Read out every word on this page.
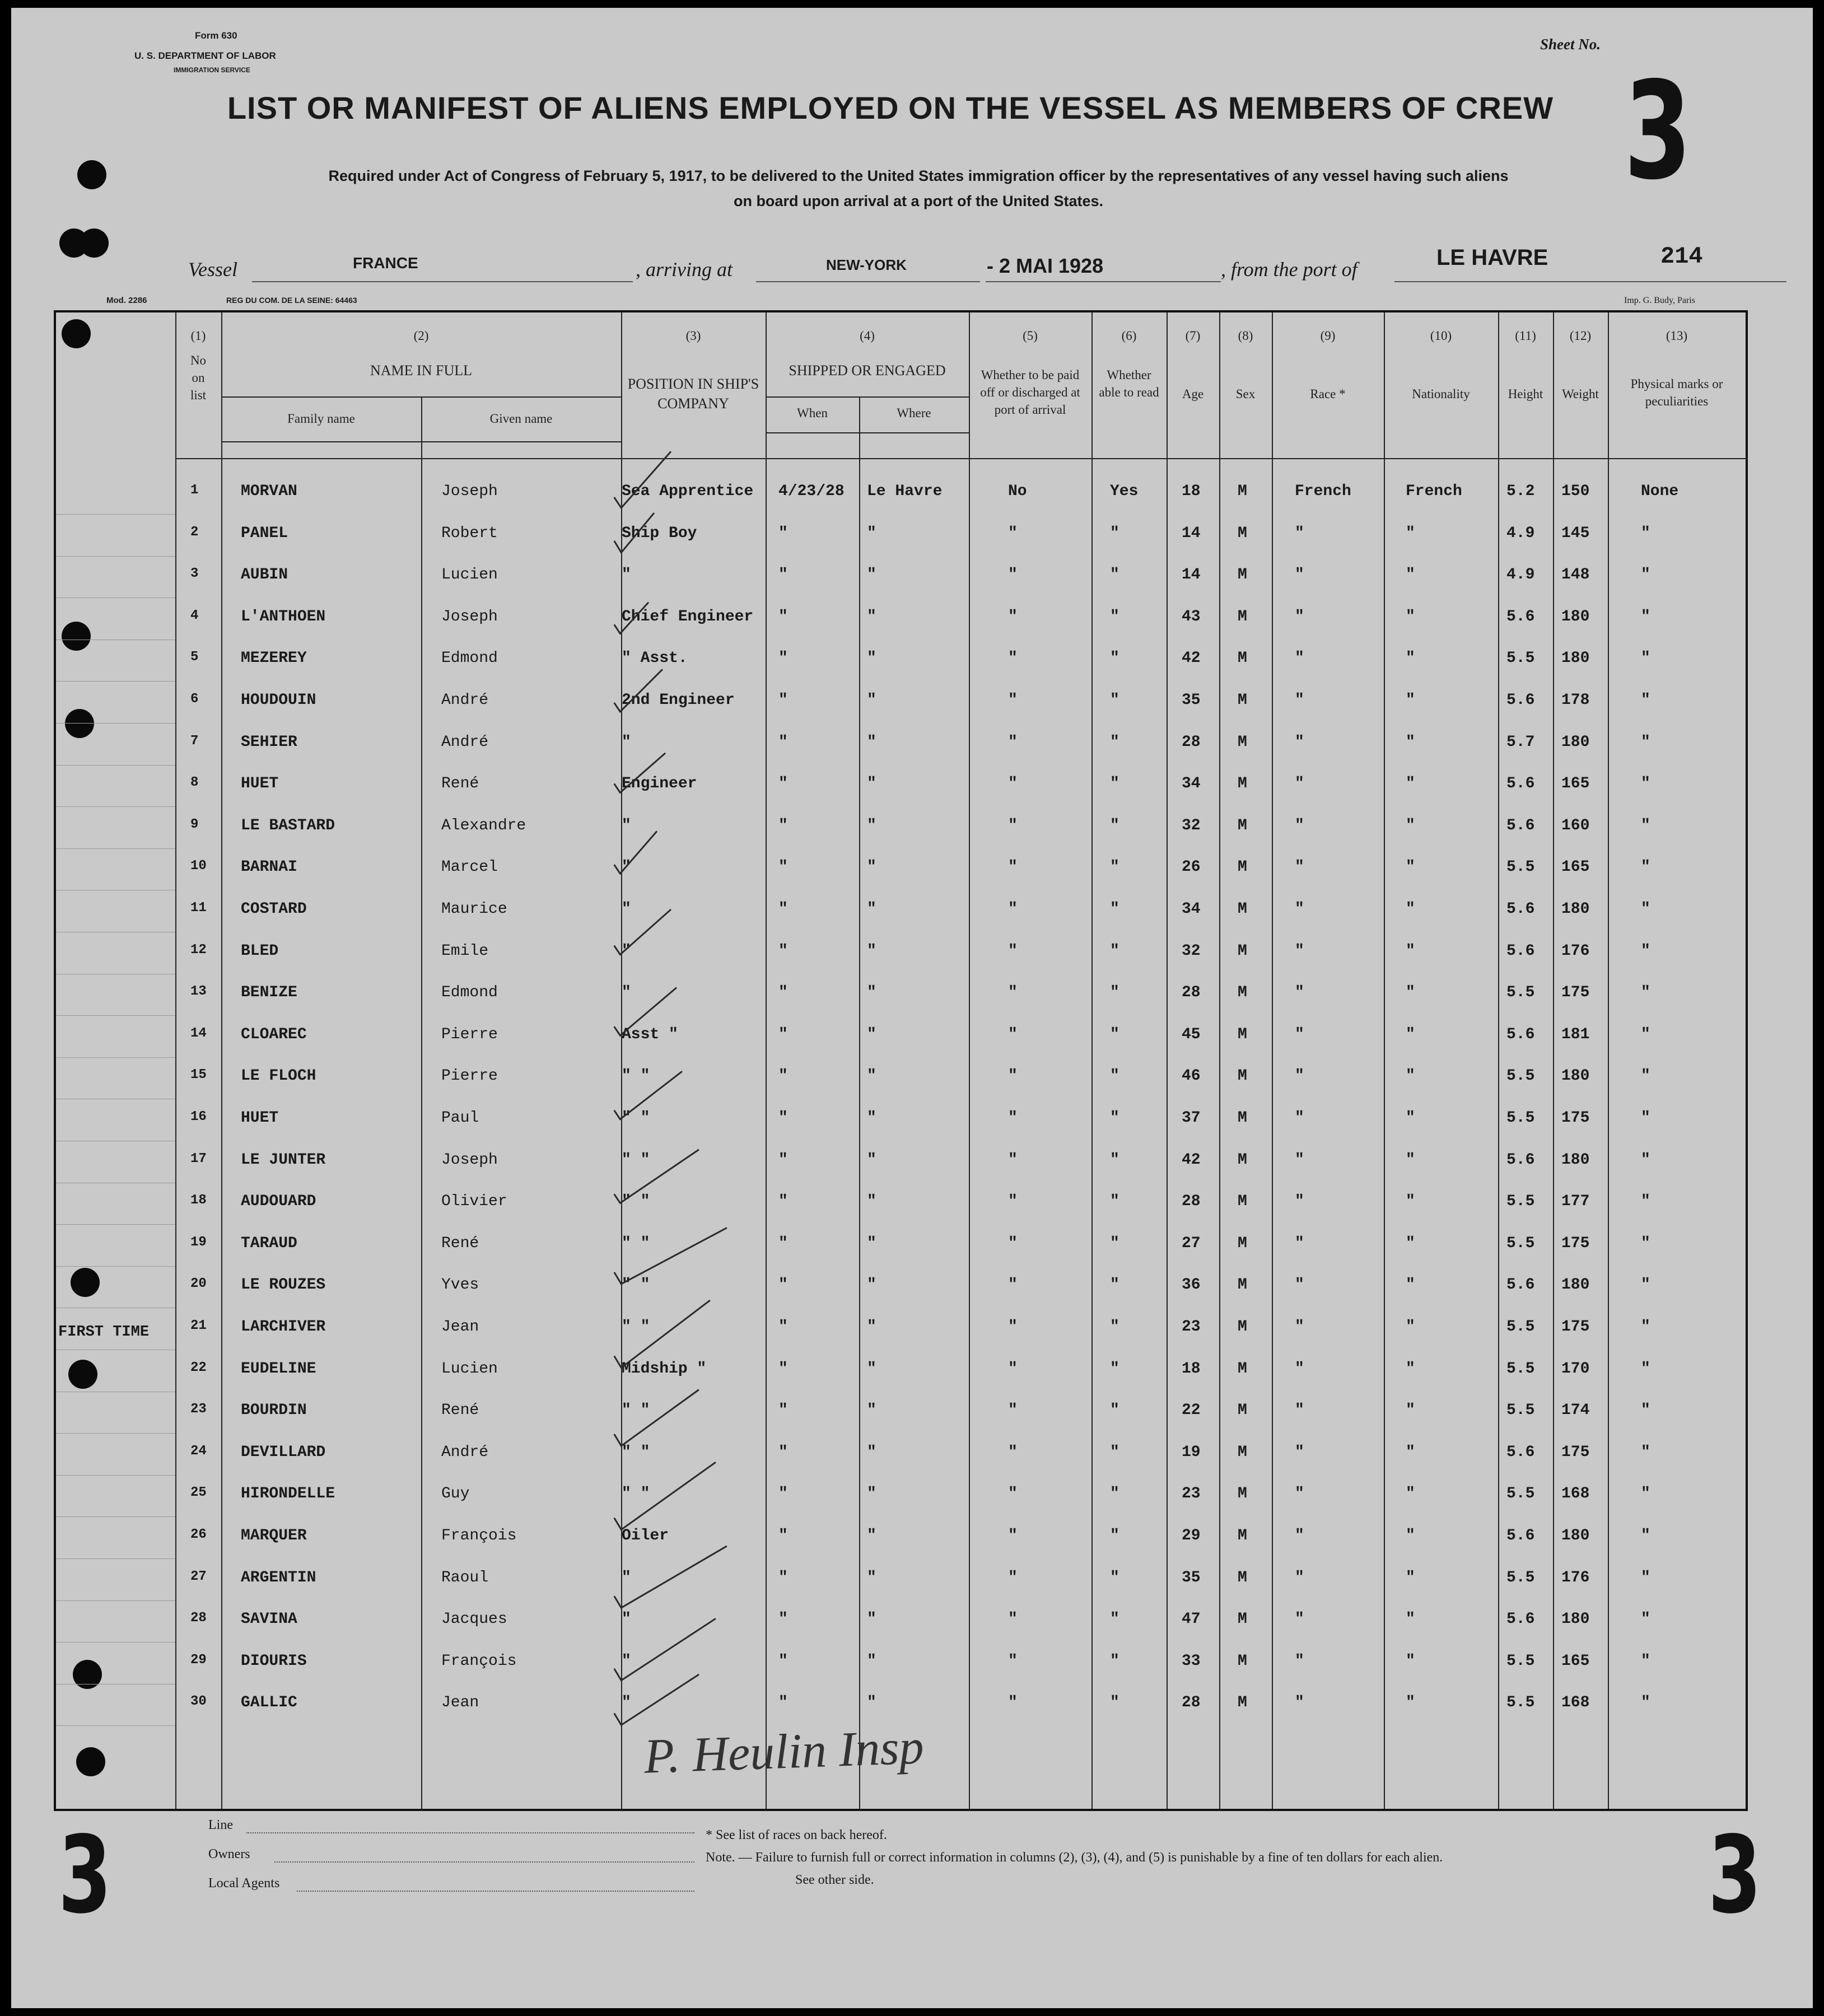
Form 630
U. S. DEPARTMENT OF LABOR
IMMIGRATION SERVICE
Sheet No.
3
LIST OR MANIFEST OF ALIENS EMPLOYED ON THE VESSEL AS MEMBERS OF CREW
Required under Act of Congress of February 5, 1917, to be delivered to the United States immigration officer by the representatives of any vessel having such aliens
on board upon arrival at a port of the United States.
Vessel	FRANCE	, arriving at	NEW-YORK	- 2 MAI 1928	, from the port of	LE HAVRE	214
Mod. 2286	REG DU COM. DE LA SEINE: 64463	Imp. G. Budy, Paris
(1)
No on list
(2)
NAME IN FULL
Family name	Given name
(3)
POSITION IN SHIP'S COMPANY
(4)
SHIPPED OR ENGAGED
When	Where
(5)
Whether to be paid off or discharged at port of arrival
(6)
Whether able to read
(7)
Age
(8)
Sex
(9)
Race *
(10)
Nationality
(11)
Height
(12)
Weight
(13)
Physical marks or peculiarities
1	MORVAN	Joseph	Sea Apprentice 4/23/28 Le Havre	No	Yes	18 M	French	French	5.2 150	None
2	PANEL	Robert	Ship Boy	"	"	"	"	14 M	"	"	4.9 145	"
3	AUBIN	Lucien	"	"	"	"	"	14 M	"	"	4.9 148	"
4	L'ANTHOEN	Joseph	Chief Engineer "	"	"	"	43 M	"	"	5.6 180	"
5	MEZEREY	Edmond	" Asst.	"	"	"	"	42 M	"	"	5.5 180	"
6	HOUDOUIN	André	2nd Engineer	"	"	"	"	35 M	"	"	5.6 178	"
7	SEHIER	André	"	"	"	"	"	28 M	"	"	5.7 180	"
8	HUET	René	Engineer	"	"	"	"	34 M	"	"	5.6 165	"
9	LE BASTARD	Alexandre	"	"	"	"	"	32 M	"	"	5.6 160	"
10 BARNAI	Marcel	"	"	"	"	"	26 M	"	"	5.5 165	"
11 COSTARD	Maurice	"	"	"	"	"	34 M	"	"	5.6 180	"
12 BLED	Emile	"	"	"	"	"	32 M	"	"	5.6 176	"
13 BENIZE	Edmond	"	"	"	"	"	28 M	"	"	5.5 175	"
14 CLOAREC	Pierre	Asst "	"	"	"	"	45 M	"	"	5.6 181	"
15 LE FLOCH	Pierre	" "	"	"	"	"	46 M	"	"	5.5 180	"
16 HUET	Paul	" "	"	"	"	"	37 M	"	"	5.5 175	"
17 LE JUNTER	Joseph	" "	"	"	"	"	42 M	"	"	5.6 180	"
18 AUDOUARD	Olivier	" "	"	"	"	"	28 M	"	"	5.5 177	"
19 TARAUD	René	" "	"	"	"	"	27 M	"	"	5.5 175	"
20 LE ROUZES	Yves	" "	"	"	"	"	36 M	"	"	5.6 180	"
21 LARCHIVER	Jean	" "	"	"	"	"	23 M	"	"	5.5 175	"
22 EUDELINE	Lucien	Midship "	"	"	"	"	18 M	"	"	5.5 170	"
23 BOURDIN	René	" "	"	"	"	"	22 M	"	"	5.5 174	"
24 DEVILLARD	André	" "	"	"	"	"	19 M	"	"	5.6 175	"
25 HIRONDELLE	Guy	" "	"	"	"	"	23 M	"	"	5.5 168	"
26 MARQUER	François	Oiler	"	"	"	"	29 M	"	"	5.6 180	"
27 ARGENTIN	Raoul	"	"	"	"	"	35 M	"	"	5.5 176	"
28 SAVINA	Jacques	"	"	"	"	"	47 M	"	"	5.6 180	"
29 DIOURIS	François	"	"	"	"	"	33 M	"	"	5.5 165	"
30 GALLIC	Jean	"	"	"	"	"	28 M	"	"	5.5 168	"
FIRST TIME
P. Heulin Insp
3	3
Line
Owners
Local Agents
* See list of races on back hereof.
Note. — Failure to furnish full or correct information in columns (2), (3), (4), and (5) is punishable by a fine of ten dollars for each alien.
See other side.
